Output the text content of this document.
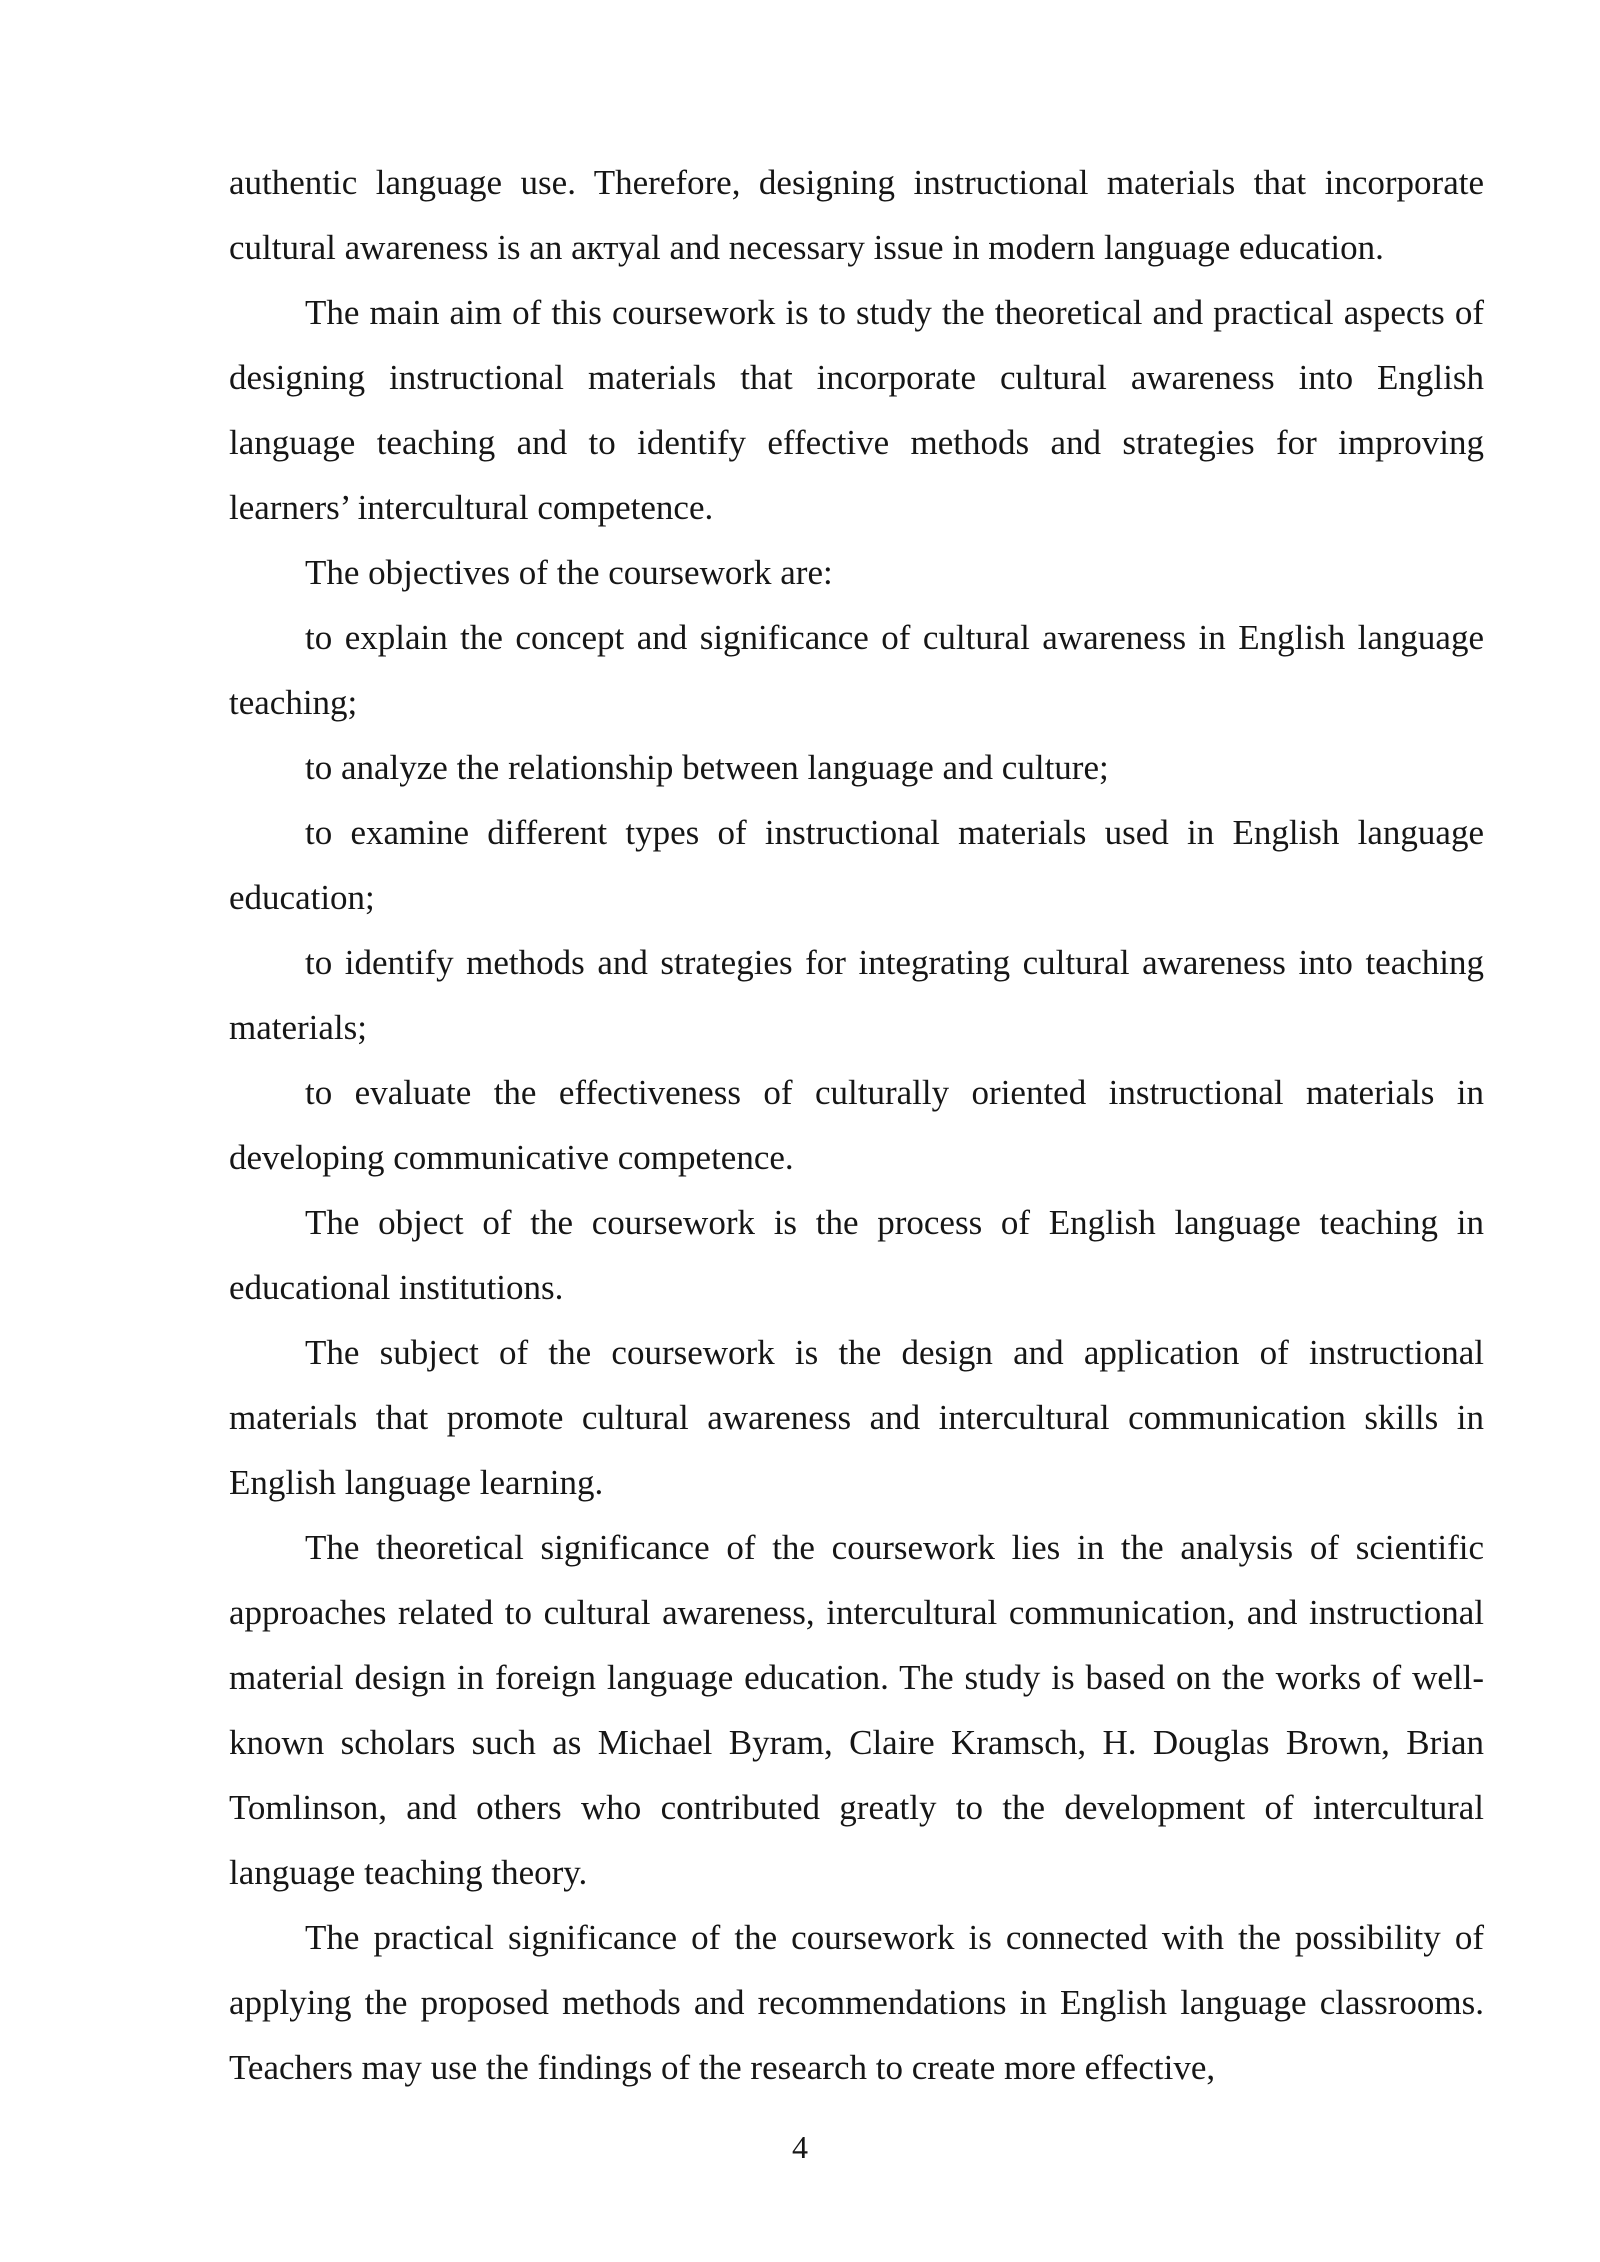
authentic language use. Therefore, designing instructional materials that incorporate cultural awareness is an актуal and necessary issue in modern language education.

The main aim of this coursework is to study the theoretical and practical aspects of designing instructional materials that incorporate cultural awareness into English language teaching and to identify effective methods and strategies for improving learners’ intercultural competence.

The objectives of the coursework are:

to explain the concept and significance of cultural awareness in English language teaching;

to analyze the relationship between language and culture;

to examine different types of instructional materials used in English language education;

to identify methods and strategies for integrating cultural awareness into teaching materials;

to evaluate the effectiveness of culturally oriented instructional materials in developing communicative competence.

The object of the coursework is the process of English language teaching in educational institutions.

The subject of the coursework is the design and application of instructional materials that promote cultural awareness and intercultural communication skills in English language learning.

The theoretical significance of the coursework lies in the analysis of scientific approaches related to cultural awareness, intercultural communication, and instructional material design in foreign language education. The study is based on the works of well-known scholars such as Michael Byram, Claire Kramsch, H. Douglas Brown, Brian Tomlinson, and others who contributed greatly to the development of intercultural language teaching theory.

The practical significance of the coursework is connected with the possibility of applying the proposed methods and recommendations in English language classrooms. Teachers may use the findings of the research to create more effective,

4
